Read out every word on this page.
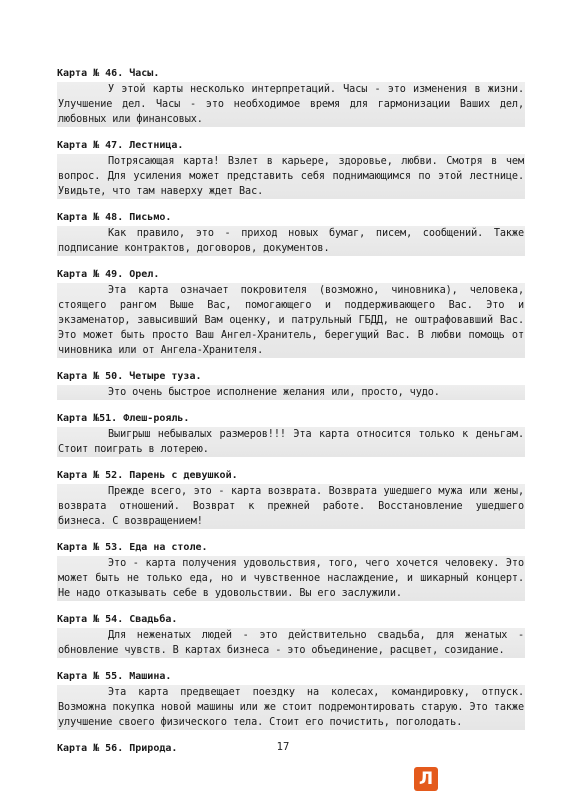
Карта № 46. Часы.

У этой карты несколько интерпретаций. Часы - это изменения в жизни. Улучшение дел. Часы - это необходимое время для гармонизации Ваших дел, любовных или финансовых.

Карта № 47. Лестница.

Потрясающая карта! Взлет в карьере, здоровье, любви. Смотря в чем вопрос. Для усиления может представить себя поднимающимся по этой лестнице. Увидьте, что там наверху ждет Вас.

Карта № 48. Письмо.

Как правило, это - приход новых бумаг, писем, сообщений. Также подписание контрактов, договоров, документов.

Карта № 49. Орел.

Эта карта означает покровителя (возможно, чиновника), человека, стоящего рангом Выше Вас, помогающего и поддерживающего Вас. Это и экзаменатор, завысивший Вам оценку, и патрульный ГБДД, не оштрафовавший Вас. Это может быть просто Ваш Ангел-Хранитель, берегущий Вас. В любви помощь от чиновника или от Ангела-Хранителя.

Карта № 50. Четыре туза.

Это очень быстрое исполнение желания или, просто, чудо.

Карта №51. Флеш-рояль.

Выигрыш небывалых размеров!!! Эта карта относится только к деньгам. Стоит поиграть в лотерею.

Карта № 52. Парень с девушкой.

Прежде всего, это - карта возврата. Возврата ушедшего мужа или жены, возврата отношений. Возврат к прежней работе. Восстановление ушедшего бизнеса. С возвращением!

Карта № 53. Еда на столе.

Это - карта получения удовольствия, того, чего хочется человеку. Это может быть не только еда, но и чувственное наслаждение, и шикарный концерт. Не надо отказывать себе в удовольствии. Вы его заслужили.

Карта № 54. Свадьба.

Для неженатых людей - это действительно свадьба, для женатых - обновление чувств. В картах бизнеса - это объединение, расцвет, созидание.

Карта № 55. Машина.

Эта карта предвещает поездку на колесах, командировку, отпуск. Возможна покупка новой машины или же стоит подремонтировать старую. Это также улучшение своего физического тела. Стоит его почистить, поголодать.

Карта № 56. Природа.	17
Л
